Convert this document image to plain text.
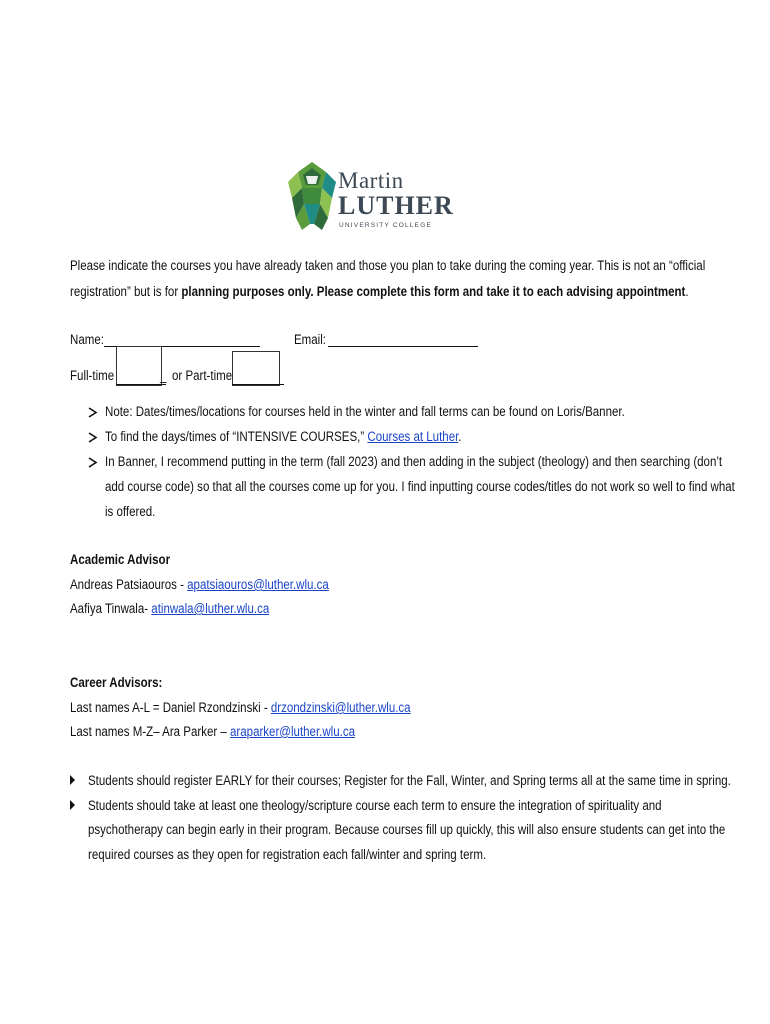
Martin
LUTHER
UNIVERSITY COLLEGE
Please indicate the courses you have already taken and those you plan to take during the coming year. This is not an “official
registration” but is for planning purposes only. Please complete this form and take it to each advising appointment.
Name:	Email:
Full-time	_ or Part-time
Note: Dates/times/locations for courses held in the winter and fall terms can be found on Loris/Banner.
To find the days/times of “INTENSIVE COURSES,” Courses at Luther.
In Banner, I recommend putting in the term (fall 2023) and then adding in the subject (theology) and then searching (don’t
add course code) so that all the courses come up for you. I find inputting course codes/titles do not work so well to find what
is offered.
Academic Advisor
Andreas Patsiaouros - apatsiaouros@luther.wlu.ca
Aafiya Tinwala- atinwala@luther.wlu.ca
Career Advisors:
Last names A-L = Daniel Rzondzinski - drzondzinski@luther.wlu.ca
Last names M-Z– Ara Parker – araparker@luther.wlu.ca
Students should register EARLY for their courses; Register for the Fall, Winter, and Spring terms all at the same time in spring.
Students should take at least one theology/scripture course each term to ensure the integration of spirituality and
psychotherapy can begin early in their program. Because courses fill up quickly, this will also ensure students can get into the
required courses as they open for registration each fall/winter and spring term.
